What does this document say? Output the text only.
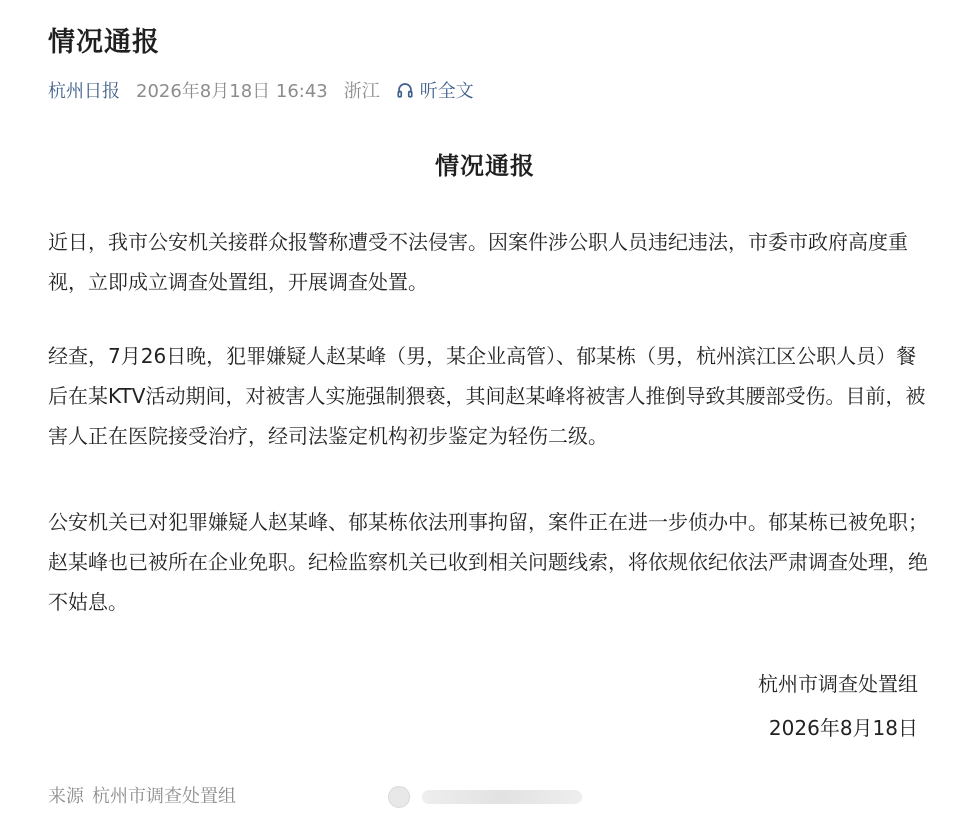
情况通报
杭州日报 2026年8月18日 16:43 浙江 听全文
情况通报

近日，我市公安机关接群众报警称遭受不法侵害。因案件涉公职人员违纪违法，市委市政府高度重视，立即成立调查处置组，开展调查处置。

经查，7月26日晚，犯罪嫌疑人赵某峰（男，某企业高管）、郁某栋（男，杭州滨江区公职人员）餐后在某KTV活动期间，对被害人实施强制猥亵，其间赵某峰将被害人推倒导致其腰部受伤。目前，被害人正在医院接受治疗，经司法鉴定机构初步鉴定为轻伤二级。

公安机关已对犯罪嫌疑人赵某峰、郁某栋依法刑事拘留，案件正在进一步侦办中。郁某栋已被免职；赵某峰也已被所在企业免职。纪检监察机关已收到相关问题线索，将依规依纪依法严肃调查处理，绝不姑息。

杭州市调查处置组
2026年8月18日
来源 杭州市调查处置组
